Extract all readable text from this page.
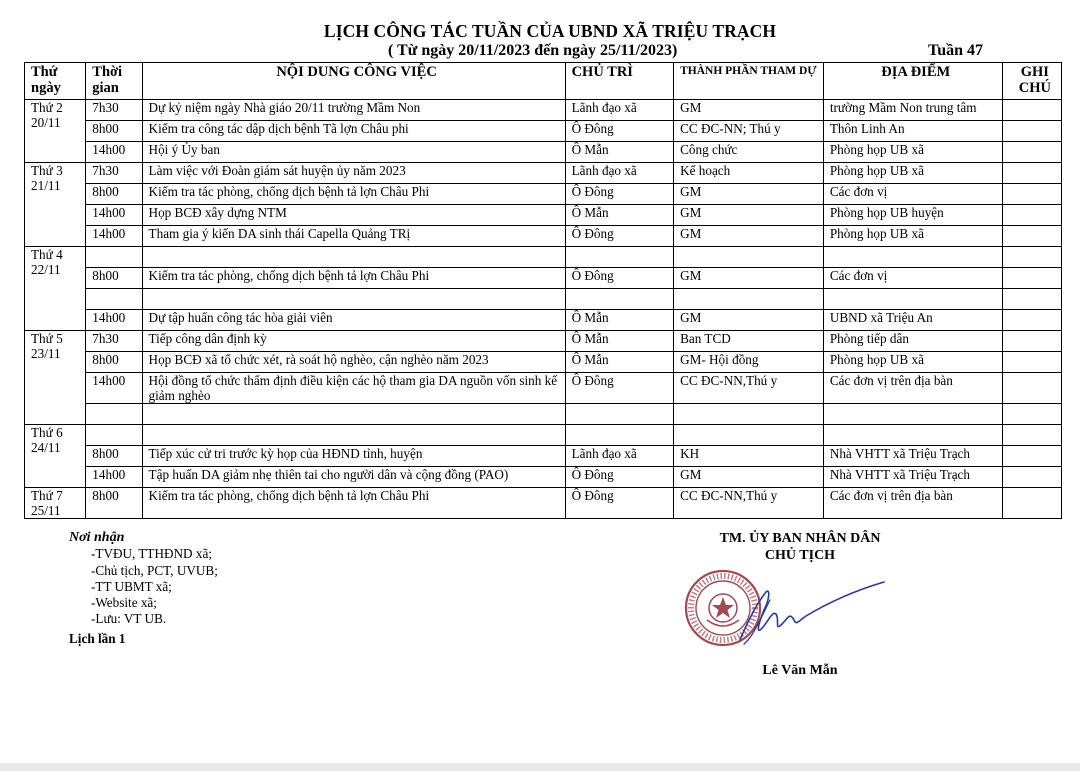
LỊCH CÔNG TÁC TUẦN CỦA UBND XÃ TRIỆU TRẠCH
( Từ ngày 20/11/2023 đến ngày 25/11/2023)	Tuần 47
Thứ ngày	Thời gian	NỘI DUNG CÔNG VIỆC	CHỦ TRÌ	THÀNH PHẦN THAM DỰ	ĐỊA ĐIỂM	GHI CHÚ

Thứ 2
20/11	7h30	Dự kỷ niệm ngày Nhà giáo 20/11 trường Mầm Non	Lãnh đạo xã	GM	trường Mầm Non trung tâm	
	8h00	Kiểm tra công tác dập dịch bệnh Tã lợn Châu phi	Ô Đông	CC ĐC-NN; Thú y	Thôn Linh An	
	14h00	Hội ý Ủy ban	Ô Mẫn	Công chức	Phòng họp UB xã	

Thứ 3
21/11	7h30	Làm việc với Đoàn giám sát huyện ủy năm 2023	Lãnh đạo xã	Kế hoạch	Phòng họp UB xã	
	8h00	Kiểm tra tác phòng, chống dịch bệnh tả lợn Châu Phi	Ô Đông	GM	Các đơn vị	
	14h00	Họp BCĐ xây dựng NTM	Ô Mẫn	GM	Phòng họp UB huyện	
	14h00	Tham gia ý kiến DA sinh thái Capella Quảng TRị	Ô Đông	GM	Phòng họp UB xã	

Thứ 4
22/11						

	8h00	Kiểm tra tác phòng, chống dịch bệnh tả lợn Châu Phi	Ô Đông	GM	Các đơn vị	

	14h00	Dự tập huấn công tác hòa giải viên	Ô Mẫn	GM	UBND xã Triệu An	

Thứ 5
23/11	7h30	Tiếp công dân định kỳ	Ô Mẫn	Ban TCD	Phòng tiếp dân	
	8h00	Họp BCĐ xã tổ chức xét, rà soát hộ nghèo, cận nghèo năm 2023	Ô Mẫn	GM- Hội đồng	Phòng họp UB xã	
	14h00	Hội đồng tổ chức thẩm định điều kiện các hộ tham gia DA nguồn vốn sinh kế giảm nghèo	Ô Đông	CC ĐC-NN,Thú y	Các đơn vị trên địa bàn	

Thứ 6
24/11						

	8h00	Tiếp xúc cử tri trước kỳ họp của HĐND tỉnh, huyện	Lãnh đạo xã	KH	Nhà VHTT xã Triệu Trạch	
	14h00	Tập huấn DA giảm nhẹ thiên tai cho người dân và cộng đồng (PAO)	Ô Đông	GM	Nhà VHTT xã Triệu Trạch	

Thứ 7
25/11	8h00	Kiểm tra tác phòng, chống dịch bệnh tả lợn Châu Phi	Ô Đông	CC ĐC-NN,Thú y	Các đơn vị trên địa bàn	
Nơi nhận
-TVĐU, TTHĐND xã;
-Chủ tịch, PCT, UVUB;
-TT UBMT xã;
-Website xã;
-Lưu: VT UB.
Lịch lần 1
TM. ỦY BAN NHÂN DÂN
CHỦ TỊCH
Lê Văn Mẫn
